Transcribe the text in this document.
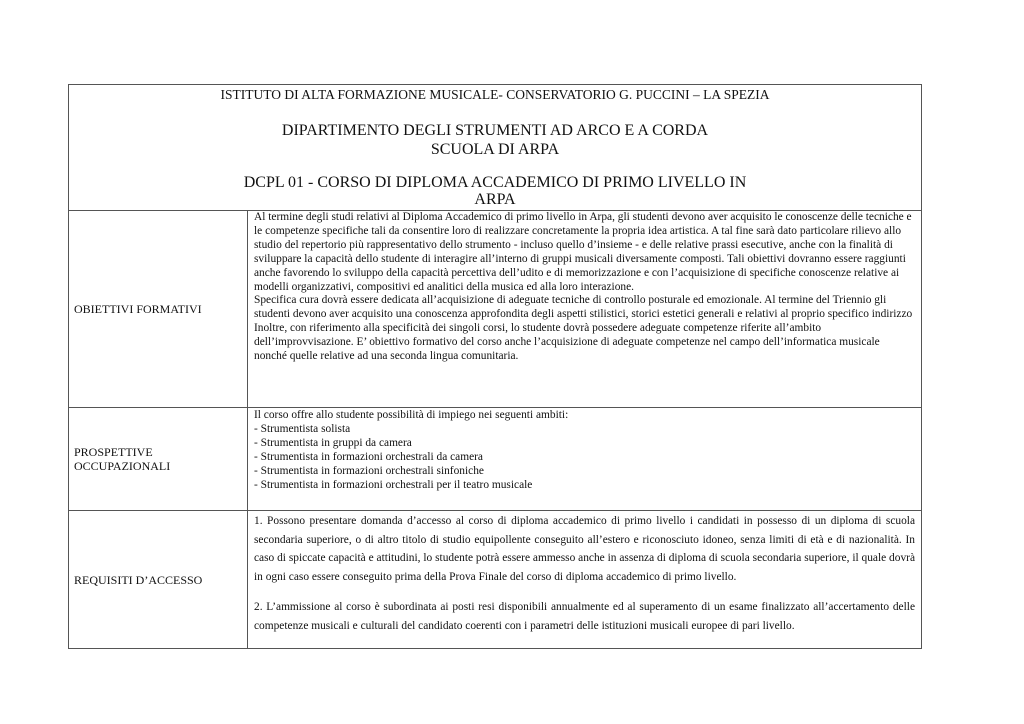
ISTITUTO DI ALTA FORMAZIONE MUSICALE- CONSERVATORIO G. PUCCINI – LA SPEZIA
DIPARTIMENTO DEGLI STRUMENTI AD ARCO E A CORDA
SCUOLA DI ARPA
DCPL 01 - CORSO DI DIPLOMA ACCADEMICO DI PRIMO LIVELLO IN
ARPA
OBIETTIVI FORMATIVI

Al termine degli studi relativi al Diploma Accademico di primo livello in Arpa, gli studenti devono aver acquisito le conoscenze delle tecniche e le competenze specifiche tali da consentire loro di realizzare concretamente la propria idea artistica. A tal fine sarà dato particolare rilievo allo studio del repertorio più rappresentativo dello strumento - incluso quello d’insieme - e delle relative prassi esecutive, anche con la finalità di sviluppare la capacità dello studente di interagire all’interno di gruppi musicali diversamente composti. Tali obiettivi dovranno essere raggiunti anche favorendo lo sviluppo della capacità percettiva dell’udito e di memorizzazione e con l’acquisizione di specifiche conoscenze relative ai modelli organizzativi, compositivi ed analitici della musica ed alla loro interazione.

Specifica cura dovrà essere dedicata all’acquisizione di adeguate tecniche di controllo posturale ed emozionale. Al termine del Triennio gli studenti devono aver acquisito una conoscenza approfondita degli aspetti stilistici, storici estetici generali e relativi al proprio specifico indirizzo

Inoltre, con riferimento alla specificità dei singoli corsi, lo studente dovrà possedere adeguate competenze riferite all’ambito dell’improvvisazione. E’ obiettivo formativo del corso anche l’acquisizione di adeguate competenze nel campo dell’informatica musicale nonché quelle relative ad una seconda lingua comunitaria.

PROSPETTIVE OCCUPAZIONALI

Il corso offre allo studente possibilità di impiego nei seguenti ambiti:

- Strumentista solista

- Strumentista in gruppi da camera

- Strumentista in formazioni orchestrali da camera

- Strumentista in formazioni orchestrali sinfoniche

- Strumentista in formazioni orchestrali per il teatro musicale

REQUISITI D’ACCESSO

1. Possono presentare domanda d’accesso al corso di diploma accademico di primo livello i candidati in possesso di un diploma di scuola secondaria superiore, o di altro titolo di studio equipollente conseguito all’estero e riconosciuto idoneo, senza limiti di età e di nazionalità. In caso di spiccate capacità e attitudini, lo studente potrà essere ammesso anche in assenza di diploma di scuola secondaria superiore, il quale dovrà in ogni caso essere conseguito prima della Prova Finale del corso di diploma accademico di primo livello.

2. L’ammissione al corso è subordinata ai posti resi disponibili annualmente ed al superamento di un esame finalizzato all’accertamento delle competenze musicali e culturali del candidato coerenti con i parametri delle istituzioni musicali europee di pari livello.
